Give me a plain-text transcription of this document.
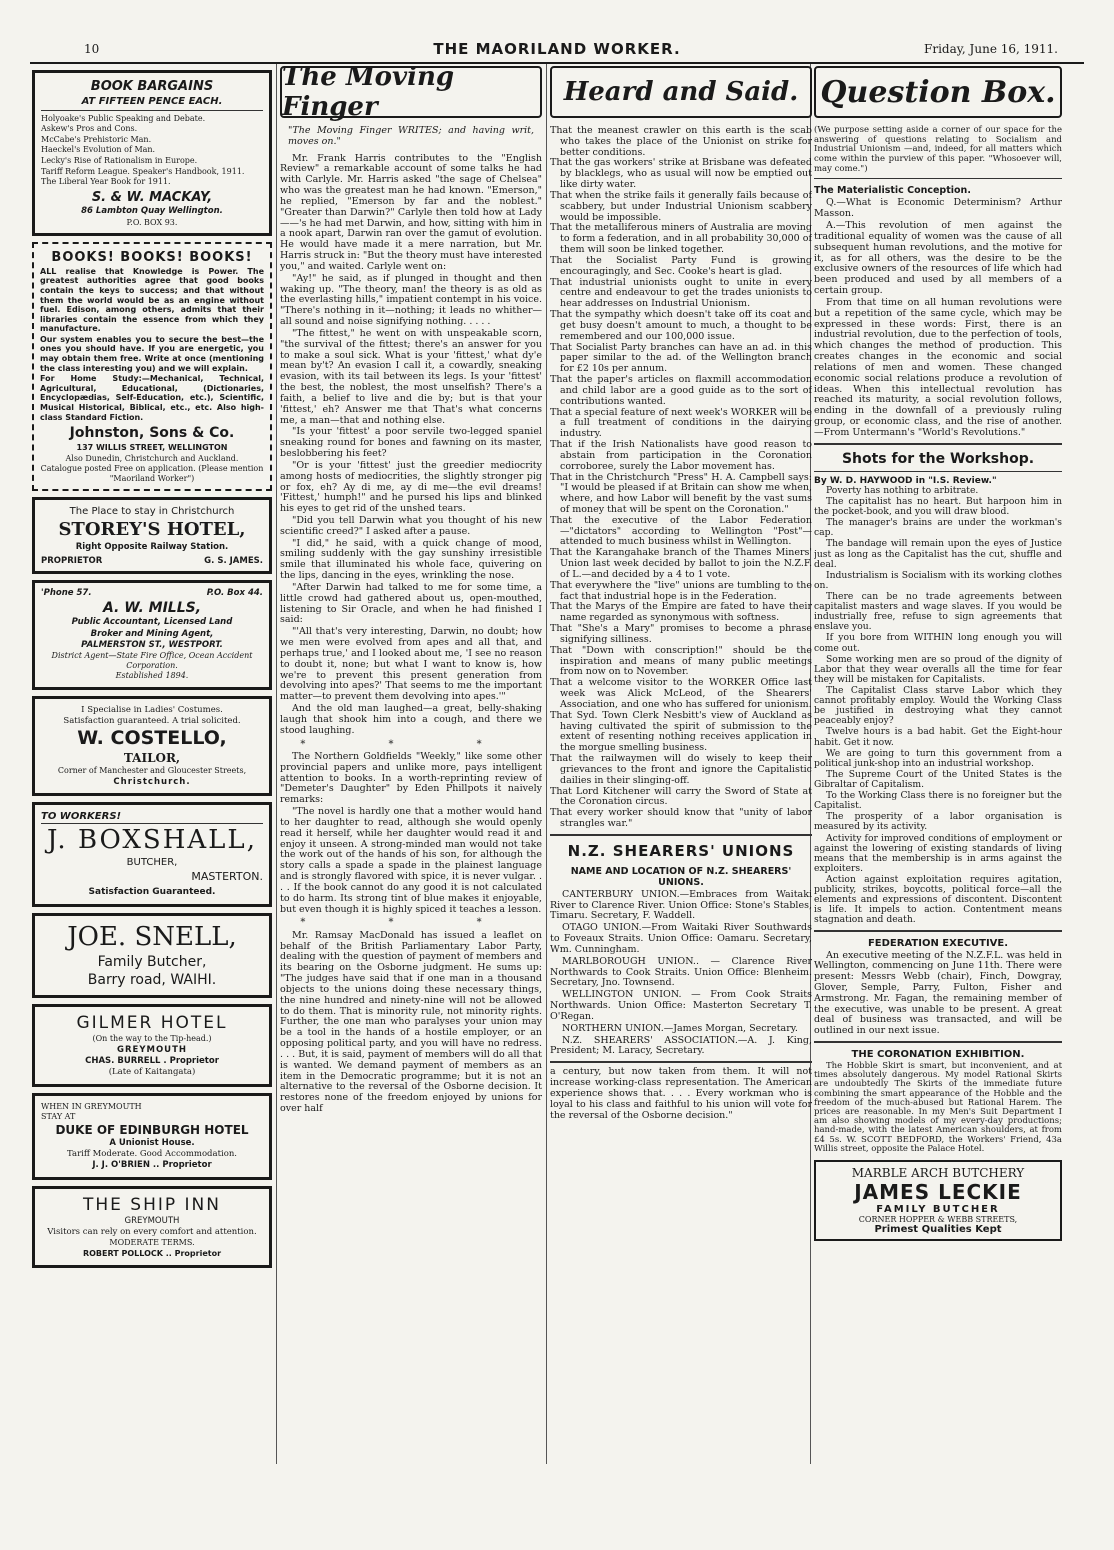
10	THE MAORILAND WORKER.	Friday, June 16, 1911.

BOOK BARGAINS

AT FIFTEEN PENCE EACH.

Holyoake's Public Speaking and Debate.

Askew's Pros and Cons.

McCabe's Prehistoric Man.

Haeckel's Evolution of Man.

Lecky's Rise of Rationalism in Europe.

Tariff Reform League. Speaker's Handbook, 1911.

The Liberal Year Book for 1911.

S. & W. MACKAY,

86 Lambton Quay Wellington.

P.O. BOX 93.

BOOKS! BOOKS! BOOKS!

ALL realise that Knowledge is Power. The greatest authorities agree that good books contain the keys to success; and that without them the world would be as an engine without fuel. Edison, among others, admits that their libraries contain the essence from which they manufacture.

Our system enables you to secure the best—the ones you should have. If you are energetic, you may obtain them free. Write at once (mentioning the class interesting you) and we will explain.

For Home Study:—Mechanical, Technical, Agricultural, Educational, (Dictionaries, Encyclopædias, Self-Education, etc.), Scientific, Musical Historical, Biblical, etc., etc. Also high-class Standard Fiction.

Johnston, Sons & Co.

137 WILLIS STREET, WELLINGTON

Also Dunedin, Christchurch and Auckland.

Catalogue posted Free on application. (Please mention "Maoriland Worker")

The Place to stay in Christchurch

STOREY'S HOTEL,

Right Opposite Railway Station.

PROPRIETOR	G. S. JAMES.
'Phone 57.	P.O. Box 44.

A. W. MILLS,

Public Accountant, Licensed Land

Broker and Mining Agent,

PALMERSTON ST., WESTPORT.

District Agent—State Fire Office, Ocean Accident Corporation.

Established 1894.

I Specialise in Ladies' Costumes.

Satisfaction guaranteed. A trial solicited.

W. COSTELLO,

TAILOR,

Corner of Manchester and Gloucester Streets,

Christchurch.

TO WORKERS!

J. BOXSHALL,

BUTCHER,

MASTERTON.

Satisfaction Guaranteed.

JOE. SNELL,

Family Butcher,

Barry road, WAIHI.

GILMER HOTEL

(On the way to the Tip-head.)

GREYMOUTH

CHAS. BURRELL . Proprietor

(Late of Kaitangata)

WHEN IN GREYMOUTH

STAY AT

DUKE OF EDINBURGH HOTEL

A Unionist House.

Tariff Moderate. Good Accommodation.

J. J. O'BRIEN .. Proprietor

THE SHIP INN

GREYMOUTH

Visitors can rely on every comfort and attention.

MODERATE TERMS.

ROBERT POLLOCK .. Proprietor

The Moving Finger

"The Moving Finger WRITES; and having writ, moves on."

Mr. Frank Harris contributes to the "English Review" a remarkable account of some talks he had with Carlyle. Mr. Harris asked "the sage of Chelsea" who was the greatest man he had known. "Emerson," he replied, "Emerson by far and the noblest." "Greater than Darwin?" Carlyle then told how at Lady ——'s he had met Darwin, and how, sitting with him in a nook apart, Darwin ran over the gamut of evolution. He would have made it a mere narration, but Mr. Harris struck in: "But the theory must have interested you," and waited. Carlyle went on:

"Ay!" he said, as if plunged in thought and then waking up. "The theory, man! the theory is as old as the everlasting hills," impatient contempt in his voice. "There's nothing in it—nothing; it leads no whither—all sound and noise signifying nothing. . . . .

"The fittest," he went on with unspeakable scorn, "the survival of the fittest; there's an answer for you to make a soul sick. What is your 'fittest,' what dy'e mean by't? An evasion I call it, a cowardly, sneaking evasion, with its tail between its legs. Is your 'fittest' the best, the noblest, the most unselfish? There's a faith, a belief to live and die by; but is that your 'fittest,' eh? Answer me that That's what concerns me, a man—that and nothing else.

"Is your 'fittest' a poor servile two-legged spaniel sneaking round for bones and fawning on its master, beslobbering his feet?

"Or is your 'fittest' just the greedier mediocrity among hosts of mediocrities, the slightly stronger pig or fox, eh? Ay di me, ay di me—the evil dreams! 'Fittest,' humph!" and he pursed his lips and blinked his eyes to get rid of the unshed tears.

"Did you tell Darwin what you thought of his new scientific creed?" I asked after a pause.

"I did," he said, with a quick change of mood, smiling suddenly with the gay sunshiny irresistible smile that illuminated his whole face, quivering on the lips, dancing in the eyes, wrinkling the nose.

"After Darwin had talked to me for some time, a little crowd had gathered about us, open-mouthed, listening to Sir Oracle, and when he had finished I said:

"'All that's very interesting, Darwin, no doubt; how we men were evolved from apes and all that, and perhaps true,' and I looked about me, 'I see no reason to doubt it, none; but what I want to know is, how we're to prevent this present generation from devolving into apes?' That seems to me the important matter—to prevent them devolving into apes.'"

And the old man laughed—a great, belly-shaking laugh that shook him into a cough, and there we stood laughing.

* * *

The Northern Goldfields "Weekly," like some other provincial papers and unlike more, pays intelligent attention to books. In a worth-reprinting review of "Demeter's Daughter" by Eden Phillpots it naively remarks:

"The novel is hardly one that a mother would hand to her daughter to read, although she would openly read it herself, while her daughter would read it and enjoy it unseen. A strong-minded man would not take the work out of the hands of his son, for although the story calls a spade a spade in the plainest language and is strongly flavored with spice, it is never vulgar. . . . If the book cannot do any good it is not calculated to do harm. Its strong tint of blue makes it enjoyable, but even though it is highly spiced it teaches a lesson.

* * *

Mr. Ramsay MacDonald has issued a leaflet on behalf of the British Parliamentary Labor Party, dealing with the question of payment of members and its bearing on the Osborne judgment. He sums up: "The judges have said that if one man in a thousand objects to the unions doing these necessary things, the nine hundred and ninety-nine will not be allowed to do them. That is minority rule, not minority rights. Further, the one man who paralyses your union may be a tool in the hands of a hostile employer, or an opposing political party, and you will have no redress. . . . But, it is said, payment of members will do all that is wanted. We demand payment of members as an item in the Democratic programme; but it is not an alternative to the reversal of the Osborne decision. It restores none of the freedom enjoyed by unions for over half

Heard and Said.

That the meanest crawler on this earth is the scab who takes the place of the Unionist on strike for better conditions.

That the gas workers' strike at Brisbane was defeated by blacklegs, who as usual will now be emptied out like dirty water.

That when the strike fails it generally fails because of scabbery, but under Industrial Unionism scabbery would be impossible.

That the metalliferous miners of Australia are moving to form a federation, and in all probability 30,000 of them will soon be linked together.

That the Socialist Party Fund is growing encouragingly, and Sec. Cooke's heart is glad.

That industrial unionists ought to unite in every centre and endeavour to get the trades unionists to hear addresses on Industrial Unionism.

That the sympathy which doesn't take off its coat and get busy doesn't amount to much, a thought to be remembered and our 100,000 issue.

That Socialist Party branches can have an ad. in this paper similar to the ad. of the Wellington branch for £2 10s per annum.

That the paper's articles on flaxmill accommodation and child labor are a good guide as to the sort of contributions wanted.

That a special feature of next week's WORKER will be a full treatment of conditions in the dairying industry.

That if the Irish Nationalists have good reason to abstain from participation in the Coronation corroboree, surely the Labor movement has.

That in the Christchurch "Press" H. A. Campbell says: "I would be pleased if at Britain can show me when, where, and how Labor will benefit by the vast sums of money that will be spent on the Coronation."

That the executive of the Labor Federation—"dictators" according to Wellington "Post"—attended to much business whilst in Wellington.

That the Karangahake branch of the Thames Miners' Union last week decided by ballot to join the N.Z.F. of L.—and decided by a 4 to 1 vote.

That everywhere the "live" unions are tumbling to the fact that industrial hope is in the Federation.

That the Marys of the Empire are fated to have their name regarded as synonymous with softness.

That "She's a Mary" promises to become a phrase signifying silliness.

That "Down with conscription!" should be the inspiration and means of many public meetings from now on to November.

That a welcome visitor to the WORKER Office last week was Alick McLeod, of the Shearers' Association, and one who has suffered for unionism.

That Syd. Town Clerk Nesbitt's view of Auckland as having cultivated the spirit of submission to the extent of resenting nothing receives application in the morgue smelling business.

That the railwaymen will do wisely to keep their grievances to the front and ignore the Capitalistic dailies in their slinging-off.

That Lord Kitchener will carry the Sword of State at the Coronation circus.

That every worker should know that "unity of labor strangles war."

N.Z. SHEARERS' UNIONS
NAME AND LOCATION OF N.Z. SHEARERS' UNIONS.

CANTERBURY UNION.—Embraces from Waitaki River to Clarence River. Union Office: Stone's Stables, Timaru. Secretary, F. Waddell.

OTAGO UNION.—From Waitaki River Southwards to Foveaux Straits. Union Office: Oamaru. Secretary, Wm. Cunningham.

MARLBOROUGH UNION.. — Clarence River Northwards to Cook Straits. Union Office: Blenheim. Secretary, Jno. Townsend.

WELLINGTON UNION. — From Cook Straits Northwards. Union Office: Masterton Secretary T. O'Regan.

NORTHERN UNION.—James Morgan, Secretary.

N.Z. SHEARERS' ASSOCIATION.—A. J. King, President; M. Laracy, Secretary.

a century, but now taken from them. It will not increase working-class representation. The American experience shows that. . . . Every workman who is loyal to his class and faithful to his union will vote for the reversal of the Osborne decision."

Question Box.

(We purpose setting aside a corner of our space for the answering of questions relating to Socialism and Industrial Unionism —and, indeed, for all matters which come within the purview of this paper. "Whosoever will, may come.")

The Materialistic Conception.

Q.—What is Economic Determinism? Arthur Masson.

A.—This revolution of men against the traditional equality of women was the cause of all subsequent human revolutions, and the motive for it, as for all others, was the desire to be the exclusive owners of the resources of life which had been produced and used by all members of a certain group.

From that time on all human revolutions were but a repetition of the same cycle, which may be expressed in these words: First, there is an industrial revolution, due to the perfection of tools, which changes the method of production. This creates changes in the economic and social relations of men and women. These changed economic social relations produce a revolution of ideas. When this intellectual revolution has reached its maturity, a social revolution follows, ending in the downfall of a previously ruling group, or economic class, and the rise of another.—From Untermann's "World's Revolutions."

Shots for the Workshop.
By W. D. HAYWOOD in "I.S. Review."

Poverty has nothing to arbitrate.

The capitalist has no heart. But harpoon him in the pocket-book, and you will draw blood.

The manager's brains are under the workman's cap.

The bandage will remain upon the eyes of Justice just as long as the Capitalist has the cut, shuffle and deal.

Industrialism is Socialism with its working clothes on.

There can be no trade agreements between capitalist masters and wage slaves. If you would be industrially free, refuse to sign agreements that enslave you.

If you bore from WITHIN long enough you will come out.

Some working men are so proud of the dignity of Labor that they wear overalls all the time for fear they will be mistaken for Capitalists.

The Capitalist Class starve Labor which they cannot profitably employ. Would the Working Class be justified in destroying what they cannot peaceably enjoy?

Twelve hours is a bad habit. Get the Eight-hour habit. Get it now.

We are going to turn this government from a political junk-shop into an industrial workshop.

The Supreme Court of the United States is the Gibraltar of Capitalism.

To the Working Class there is no foreigner but the Capitalist.

The prosperity of a labor organisation is measured by its activity.

Activity for improved conditions of employment or against the lowering of existing standards of living means that the membership is in arms against the exploiters.

Action against exploitation requires agitation, publicity, strikes, boycotts, political force—all the elements and expressions of discontent. Discontent is life. It impels to action. Contentment means stagnation and death.

FEDERATION EXECUTIVE.

An executive meeting of the N.Z.F.L. was held in Wellington, commencing on June 11th. There were present: Messrs Webb (chair), Finch, Dowgray, Glover, Semple, Parry, Fulton, Fisher and Armstrong. Mr. Fagan, the remaining member of the executive, was unable to be present. A great deal of business was transacted, and will be outlined in our next issue.

THE CORONATION EXHIBITION.

The Hobble Skirt is smart, but inconvenient, and at times absolutely dangerous. My model Rational Skirts are undoubtedly The Skirts of the immediate future combining the smart appearance of the Hobble and the freedom of the much-abused but Rational Harem. The prices are reasonable. In my Men's Suit Department I am also showing models of my every-day productions; hand-made, with the latest American shoulders, at from £4 5s. W. SCOTT BEDFORD, the Workers' Friend, 43a Willis street, opposite the Palace Hotel.

MARBLE ARCH BUTCHERY
JAMES LECKIE
FAMILY BUTCHER
CORNER HOPPER & WEBB STREETS,
Primest Qualities Kept
